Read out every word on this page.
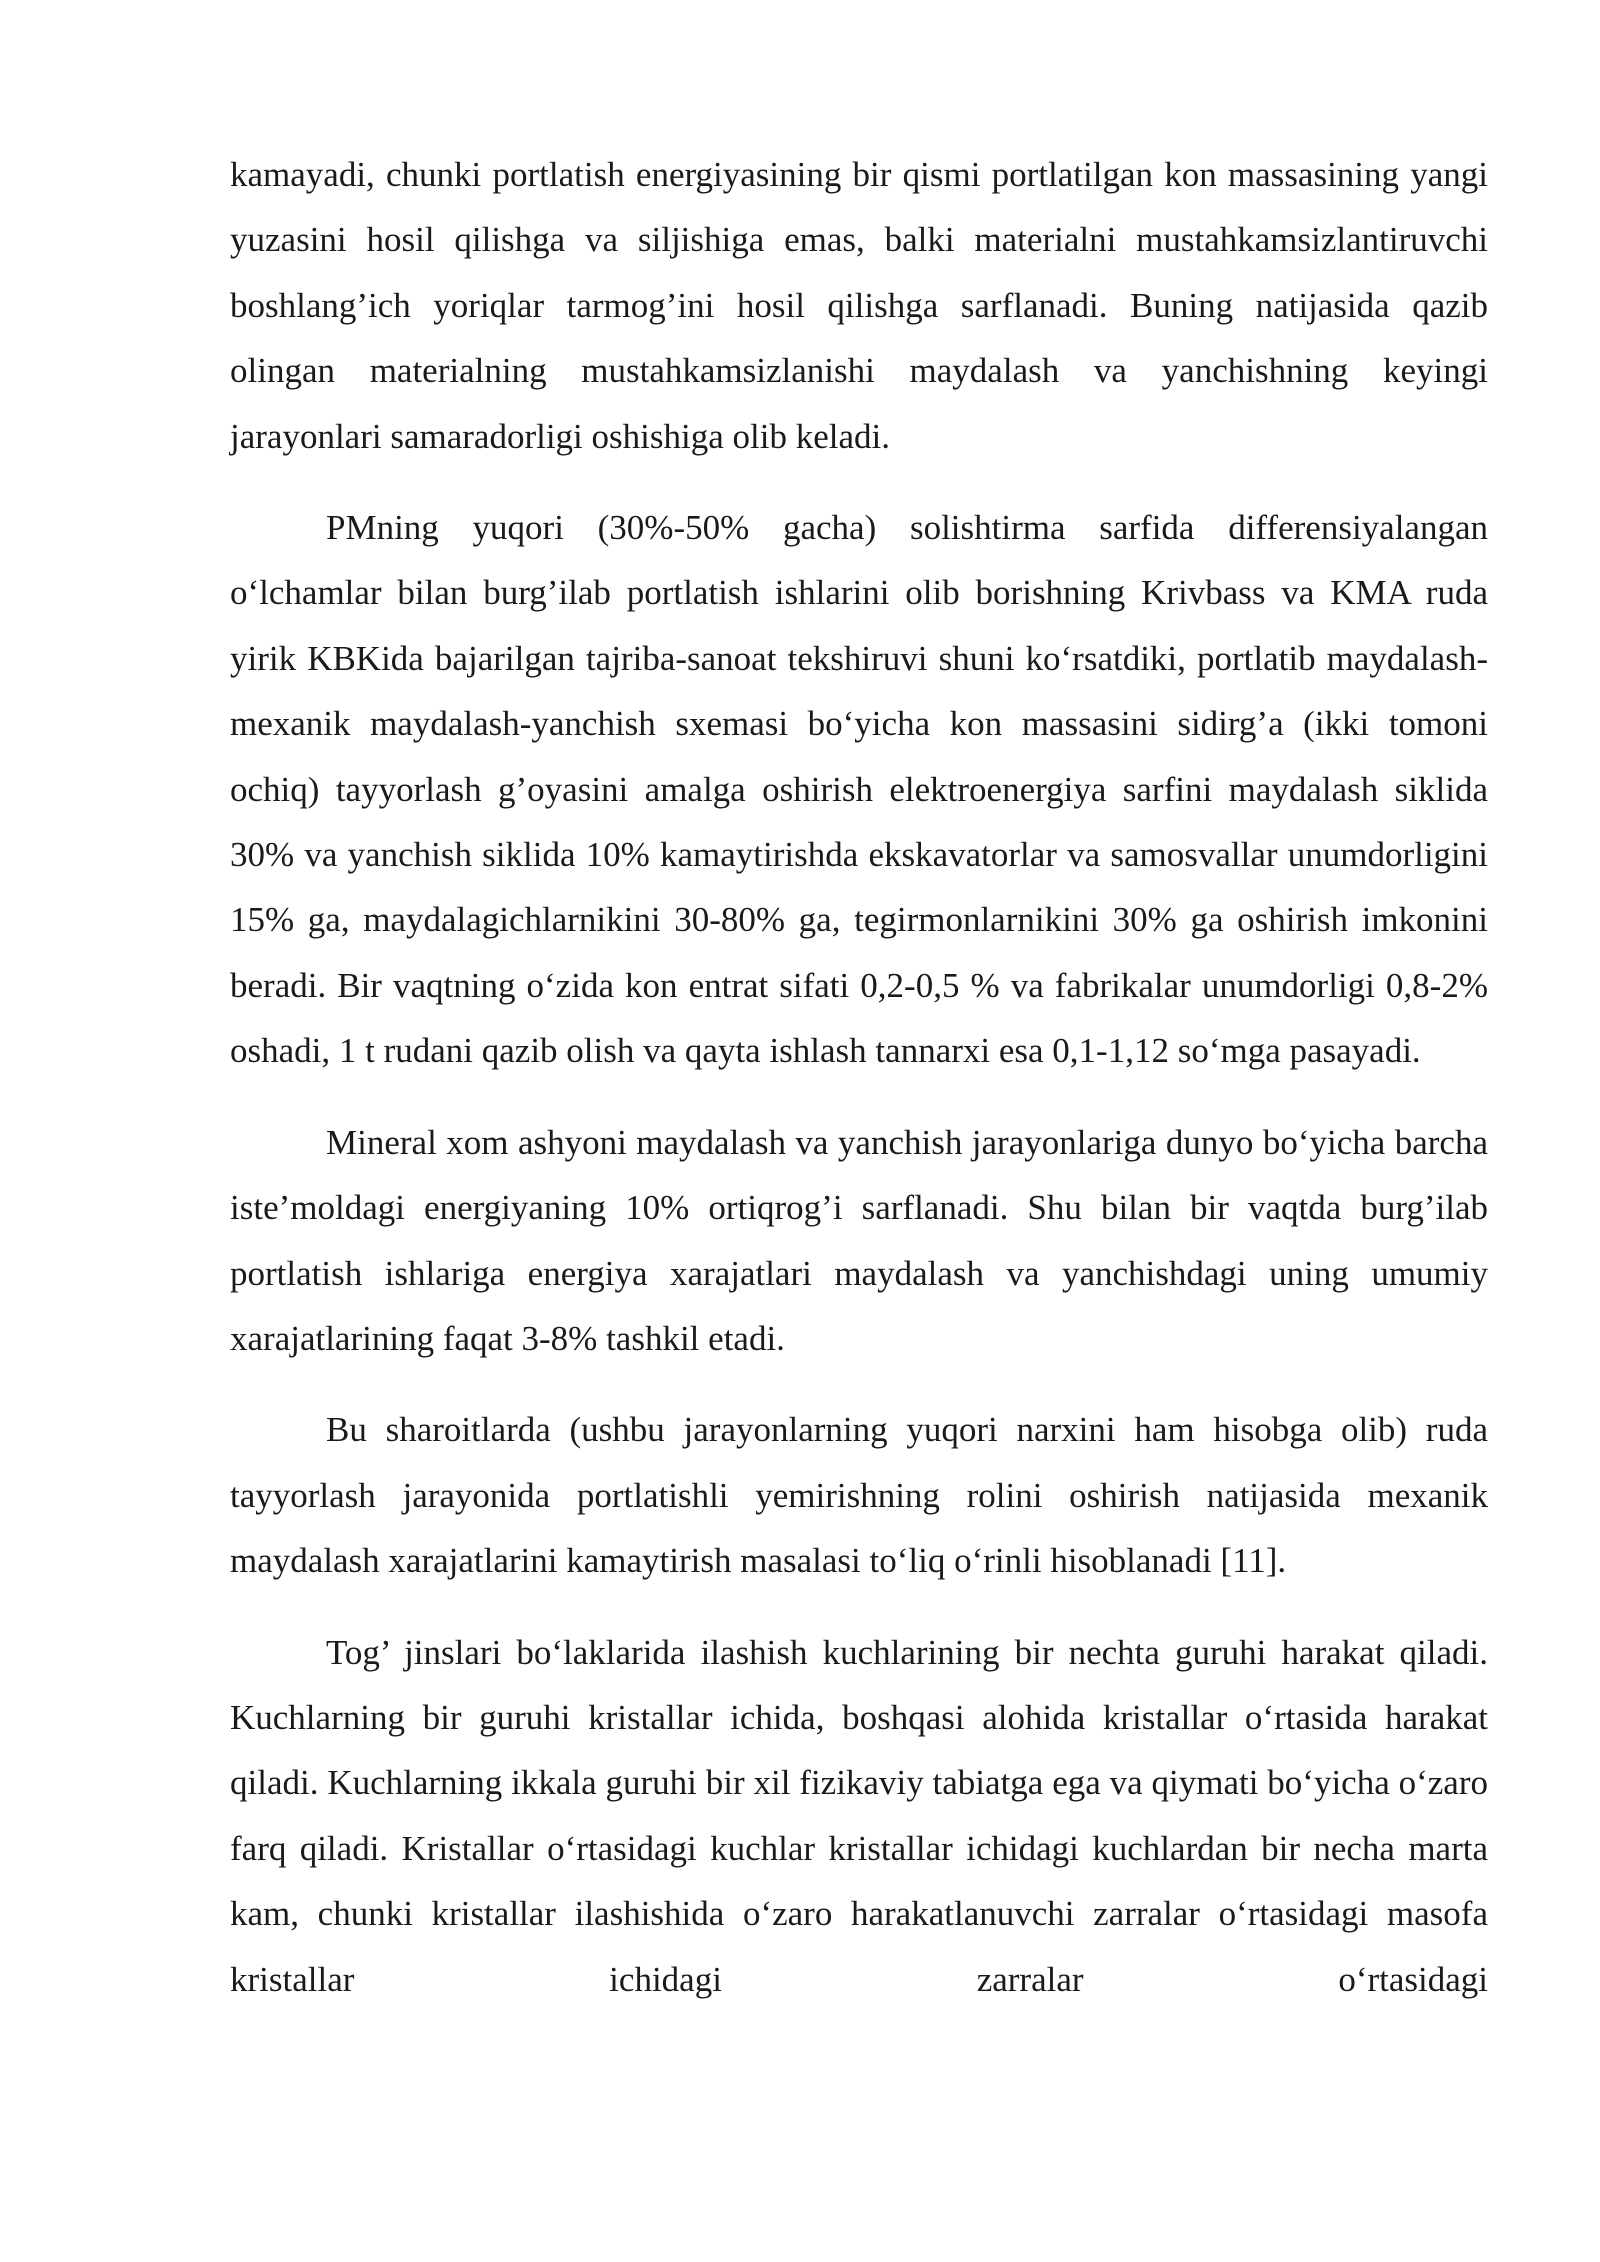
kamayadi, chunki portlatish energiyasining bir qismi portlatilgan kon massasining yangi yuzasini hosil qilishga va siljishiga emas, balki materialni mustahkamsizlantiruvchi boshlang’ich yoriqlar tarmog’ini hosil qilishga sarflanadi. Buning natijasida qazib olingan materialning mustahkamsizlanishi maydalash va yanchishning keyingi jarayonlari samaradorligi oshishiga olib keladi.

PMning yuqori (30%-50% gacha) solishtirma sarfida differensiyalangan o‘lchamlar bilan burg’ilab portlatish ishlarini olib borishning Krivbass va KMA ruda yirik KBKida bajarilgan tajriba-sanoat tekshiruvi shuni ko‘rsatdiki, portlatib maydalash-mexanik maydalash-yanchish sxemasi bo‘yicha kon massasini sidirg’a (ikki tomoni ochiq) tayyorlash g’oyasini amalga oshirish elektroenergiya sarfini maydalash siklida 30% va yanchish siklida 10% kamaytirishda ekskavatorlar va samosvallar unumdorligini 15% ga, maydalagichlarnikini 30-80% ga, tegirmonlarnikini 30% ga oshirish imkonini beradi. Bir vaqtning o‘zida kon entrat sifati 0,2-0,5 % va fabrikalar unumdorligi 0,8-2% oshadi, 1 t rudani qazib olish va qayta ishlash tannarxi esa 0,1-1,12 so‘mga pasayadi.

Mineral xom ashyoni maydalash va yanchish jarayonlariga dunyo bo‘yicha barcha iste’moldagi energiyaning 10% ortiqrog’i sarflanadi. Shu bilan bir vaqtda burg’ilab portlatish ishlariga energiya xarajatlari maydalash va yanchishdagi uning umumiy xarajatlarining faqat 3-8% tashkil etadi.

Bu sharoitlarda (ushbu jarayonlarning yuqori narxini ham hisobga olib) ruda tayyorlash jarayonida portlatishli yemirishning rolini oshirish natijasida mexanik maydalash xarajatlarini kamaytirish masalasi to‘liq o‘rinli hisoblanadi [11].

Tog’ jinslari bo‘laklarida ilashish kuchlarining bir nechta guruhi harakat qiladi. Kuchlarning bir guruhi kristallar ichida, boshqasi alohida kristallar o‘rtasida harakat qiladi. Kuchlarning ikkala guruhi bir xil fizikaviy tabiatga ega va qiymati bo‘yicha o‘zaro farq qiladi. Kristallar o‘rtasidagi kuchlar kristallar ichidagi kuchlardan bir necha marta kam, chunki kristallar ilashishida o‘zaro harakatlanuvchi zarralar o‘rtasidagi masofa kristallar ichidagi zarralar o‘rtasidagi
